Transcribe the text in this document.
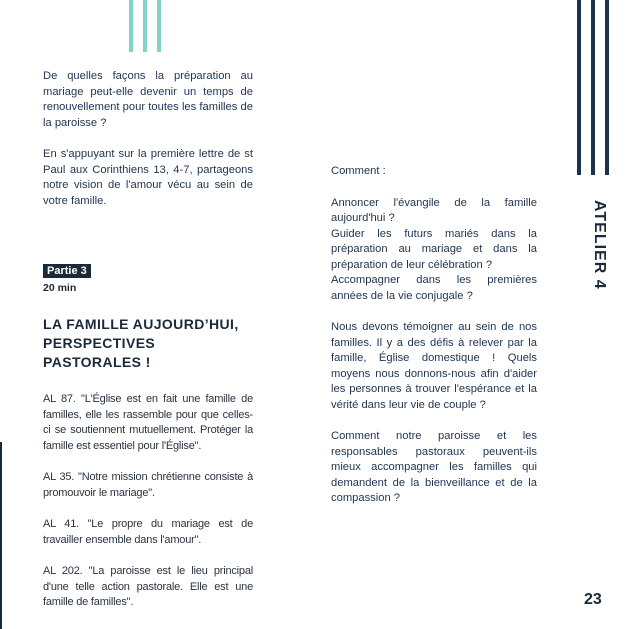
De quelles façons la préparation au mariage peut-elle devenir un temps de renouvellement pour toutes les familles de la paroisse ?

En s'appuyant sur la première lettre de st Paul aux Corinthiens 13, 4-7, partageons notre vision de l'amour vécu au sein de votre famille.

Partie 3
20 min
LA FAMILLE AUJOURD’HUI,
PERSPECTIVES
PASTORALES !

AL 87. "L'Église est en fait une famille de familles, elle les rassemble pour que celles-ci se soutiennent mutuellement. Protéger la famille est essentiel pour l'Église".

AL 35. "Notre mission chrétienne consiste à promouvoir le mariage".

AL 41. "Le propre du mariage est de travailler ensemble dans l'amour".

AL 202. "La paroisse est le lieu principal d'une telle action pastorale. Elle est une famille de familles".

Comment :

Annoncer l'évangile de la famille aujourd'hui ?

Guider les futurs mariés dans la préparation au mariage et dans la préparation de leur célébration ?

Accompagner dans les premières années de la vie conjugale ?

Nous devons témoigner au sein de nos familles. Il y a des défis à relever par la famille, Église domestique ! Quels moyens nous donnons-nous afin d'aider les personnes à trouver l'espérance et la vérité dans leur vie de couple ?

Comment notre paroisse et les responsables pastoraux peuvent-ils mieux accompagner les familles qui demandent de la bienveillance et de la compassion ?

ATELIER 4
23
